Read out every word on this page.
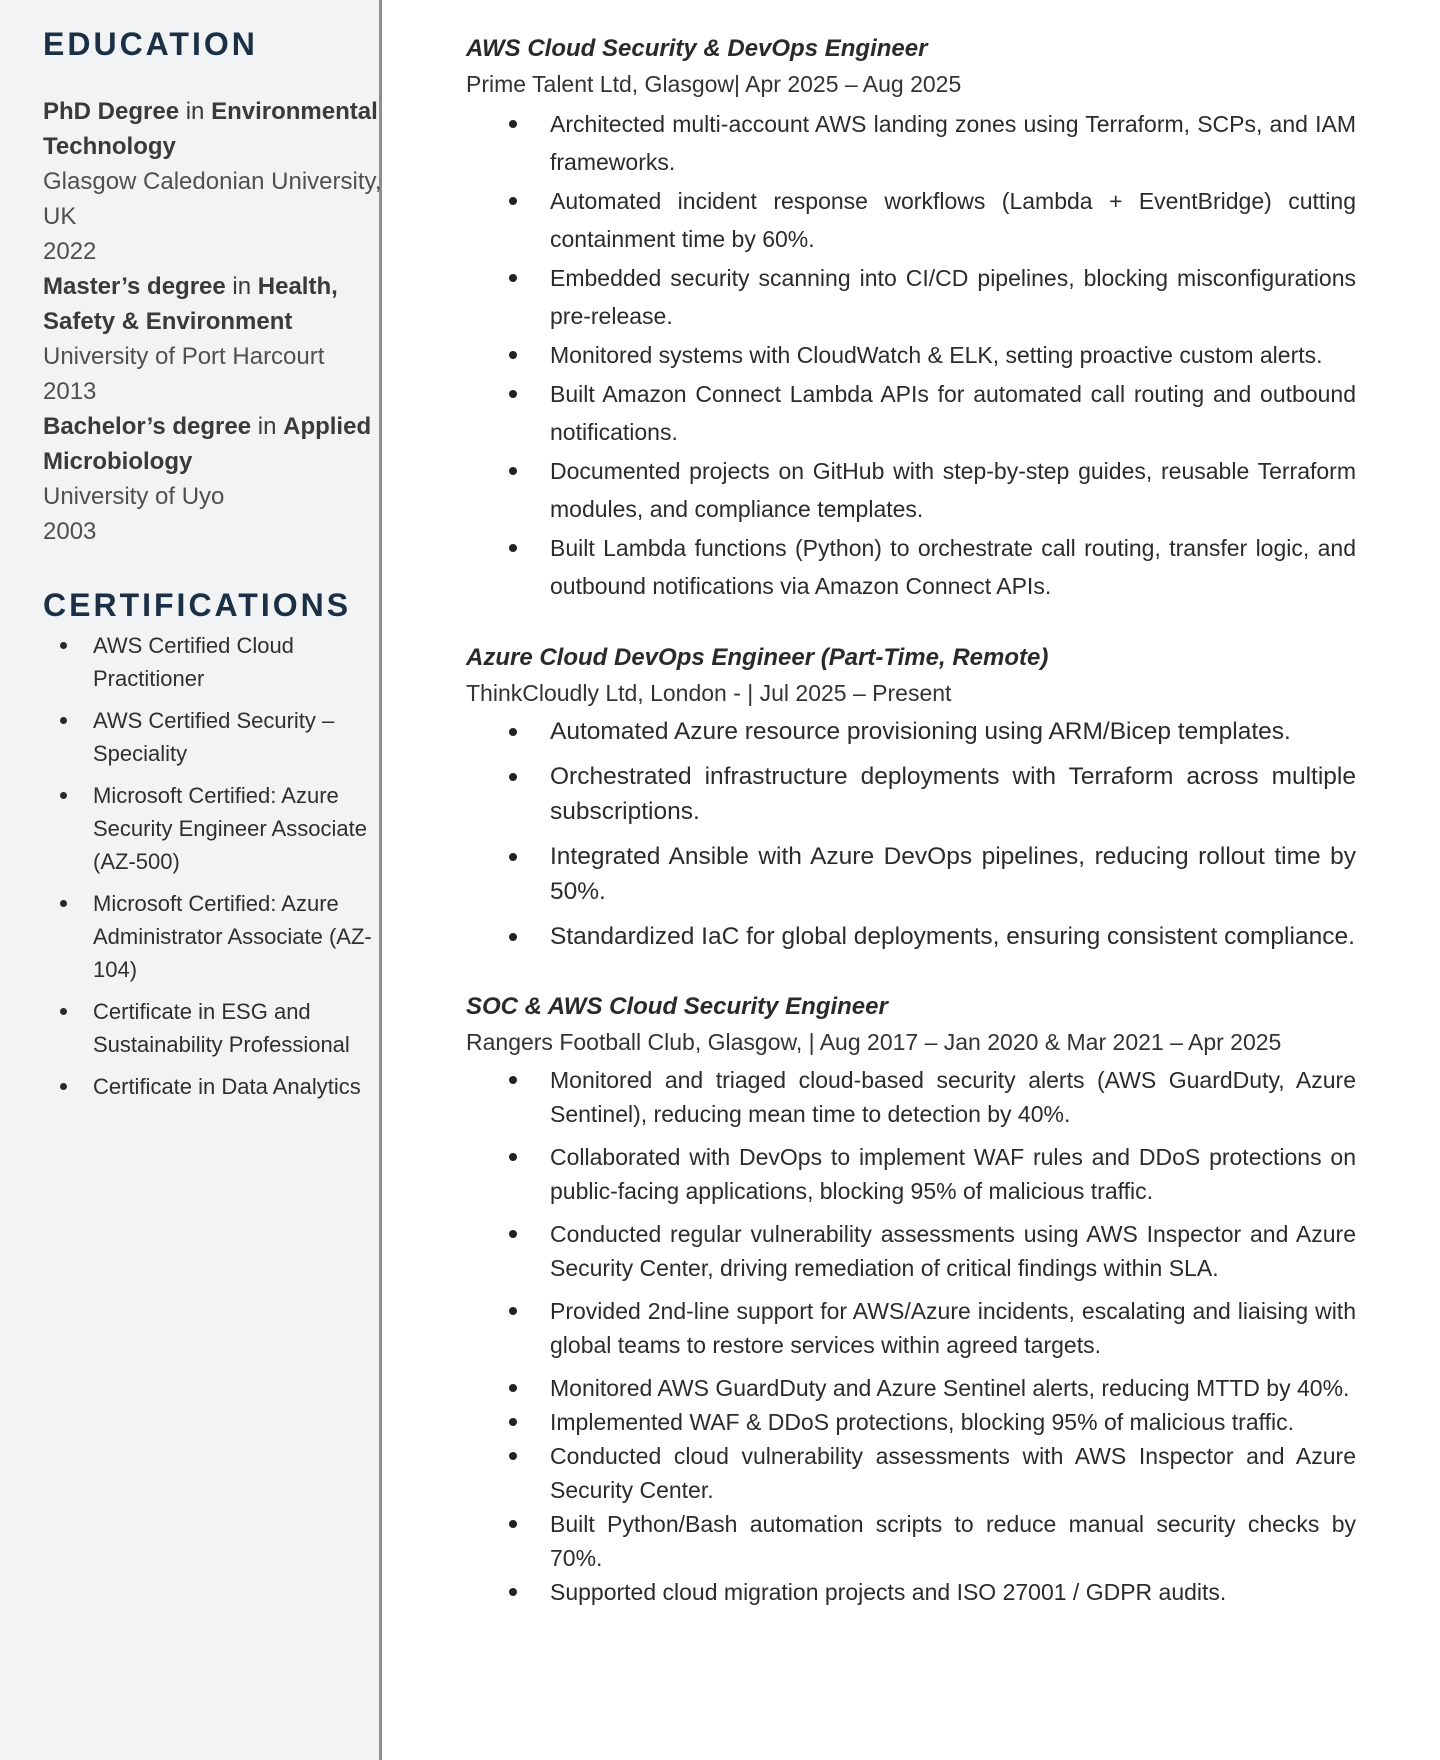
EDUCATION
PhD Degree in Environmental Technology
Glasgow Caledonian University, UK
2022
Master’s degree in Health, Safety & Environment
University of Port Harcourt
2013
Bachelor’s degree in Applied Microbiology
University of Uyo
2003
CERTIFICATIONS
AWS Certified Cloud Practitioner
AWS Certified Security – Speciality
Microsoft Certified: Azure Security Engineer Associate (AZ-500)
Microsoft Certified: Azure Administrator Associate (AZ-104)
Certificate in ESG and Sustainability Professional
Certificate in Data Analytics
AWS Cloud Security & DevOps Engineer
Prime Talent Ltd, Glasgow| Apr 2025 – Aug 2025
Architected multi-account AWS landing zones using Terraform, SCPs, and IAM frameworks.
Automated incident response workflows (Lambda + EventBridge) cutting containment time by 60%.
Embedded security scanning into CI/CD pipelines, blocking misconfigurations pre-release.
Monitored systems with CloudWatch & ELK, setting proactive custom alerts.
Built Amazon Connect Lambda APIs for automated call routing and outbound notifications.
Documented projects on GitHub with step-by-step guides, reusable Terraform modules, and compliance templates.
Built Lambda functions (Python) to orchestrate call routing, transfer logic, and outbound notifications via Amazon Connect APIs.
Azure Cloud DevOps Engineer (Part-Time, Remote)
ThinkCloudly Ltd, London - | Jul 2025 – Present
Automated Azure resource provisioning using ARM/Bicep templates.
Orchestrated infrastructure deployments with Terraform across multiple subscriptions.
Integrated Ansible with Azure DevOps pipelines, reducing rollout time by 50%.
Standardized IaC for global deployments, ensuring consistent compliance.
SOC & AWS Cloud Security Engineer
Rangers Football Club, Glasgow, | Aug 2017 – Jan 2020 & Mar 2021 – Apr 2025
Monitored and triaged cloud-based security alerts (AWS GuardDuty, Azure Sentinel), reducing mean time to detection by 40%.
Collaborated with DevOps to implement WAF rules and DDoS protections on public-facing applications, blocking 95% of malicious traffic.
Conducted regular vulnerability assessments using AWS Inspector and Azure Security Center, driving remediation of critical findings within SLA.
Provided 2nd-line support for AWS/Azure incidents, escalating and liaising with global teams to restore services within agreed targets.
Monitored AWS GuardDuty and Azure Sentinel alerts, reducing MTTD by 40%.
Implemented WAF & DDoS protections, blocking 95% of malicious traffic.
Conducted cloud vulnerability assessments with AWS Inspector and Azure Security Center.
Built Python/Bash automation scripts to reduce manual security checks by 70%.
Supported cloud migration projects and ISO 27001 / GDPR audits.
